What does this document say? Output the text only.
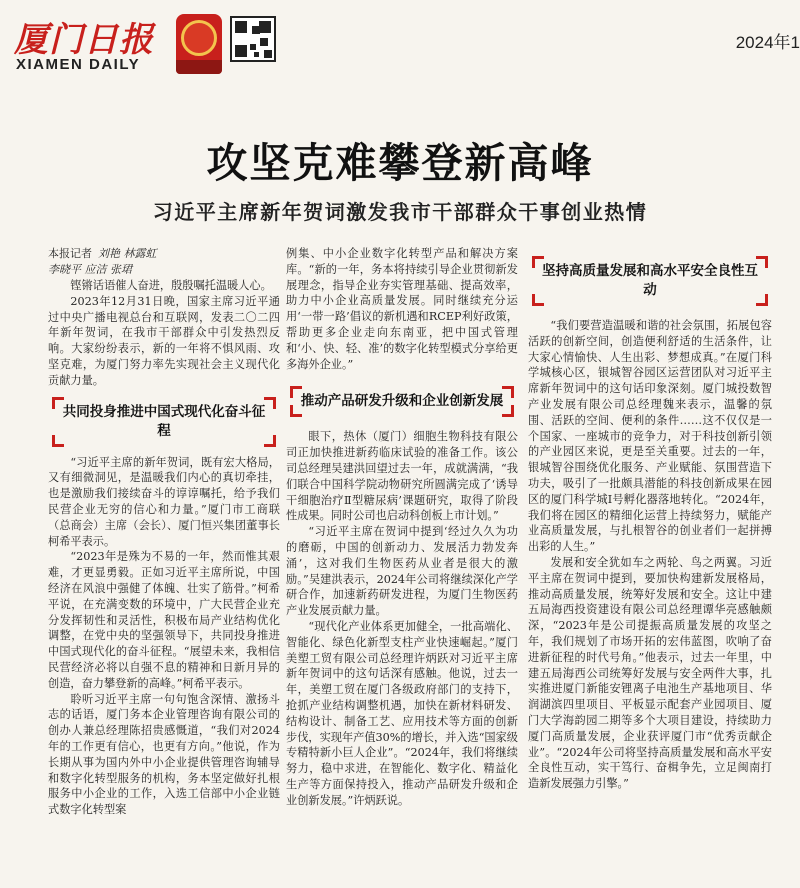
厦门日报
XIAMEN DAILY
2024年1
攻坚克难攀登新高峰
习近平主席新年贺词激发我市干部群众干事创业热情

本报记者 刘艳 林露虹

李晓平 应洁 张珺

铿锵话语催人奋进，殷殷嘱托温暖人心。

2023年12月31日晚，国家主席习近平通过中央广播电视总台和互联网，发表二〇二四年新年贺词，在我市干部群众中引发热烈反响。大家纷纷表示，新的一年将不惧风雨、攻坚克难，为厦门努力率先实现社会主义现代化贡献力量。

共同投身推进中国式现代化奋斗征程

“习近平主席的新年贺词，既有宏大格局，又有细微洞见，是温暖我们内心的真切牵挂，也是激励我们接续奋斗的谆谆嘱托，给予我们民营企业无穷的信心和力量。”厦门市工商联（总商会）主席（会长）、厦门恒兴集团董事长柯希平表示。

“2023年是殊为不易的一年，然而惟其艰难，才更显勇毅。正如习近平主席所说，中国经济在风浪中强健了体魄、壮实了筋骨。”柯希平说，在充满变数的环境中，广大民营企业充分发挥韧性和灵活性，积极布局产业结构优化调整，在党中央的坚强领导下，共同投身推进中国式现代化的奋斗征程。“展望未来，我相信民营经济必将以自强不息的精神和日新月异的创造，奋力攀登新的高峰。”柯希平表示。

聆听习近平主席一句句饱含深情、激扬斗志的话语，厦门务本企业管理咨询有限公司的创办人兼总经理陈招贵感慨道，“我们对2024年的工作更有信心，也更有方向。”他说，作为长期从事为国内外中小企业提供管理咨询辅导和数字化转型服务的机构，务本坚定做好扎根服务中小企业的工作，入选工信部中小企业链式数字化转型案

例集、中小企业数字化转型产品和解决方案库。“新的一年，务本将持续引导企业贯彻新发展理念，指导企业夯实管理基础、提高效率，助力中小企业高质量发展。同时继续充分运用‘一带一路’倡议的新机遇和RCEP利好政策，帮助更多企业走向东南亚，把中国式管理和‘小、快、轻、准’的数字化转型模式分享给更多海外企业。”

推动产品研发升级和企业创新发展

眼下，热休（厦门）细胞生物科技有限公司正加快推进新药临床试验的准备工作。该公司总经理吴建洪回望过去一年，成就满满，“我们联合中国科学院动物研究所圆满完成了‘诱导干细胞治疗Ⅱ型糖尿病’课题研究，取得了阶段性成果。同时公司也启动科创板上市计划。”

“习近平主席在贺词中提到‘经过久久为功的磨砺，中国的创新动力、发展活力勃发奔涌’，这对我们生物医药从业者是很大的激励。”吴建洪表示，2024年公司将继续深化产学研合作，加速新药研发进程，为厦门生物医药产业发展贡献力量。

“现代化产业体系更加健全，一批高端化、智能化、绿色化新型支柱产业快速崛起。”厦门美塑工贸有限公司总经理许炳跃对习近平主席新年贺词中的这句话深有感触。他说，过去一年，美塑工贸在厦门各级政府部门的支持下，抢抓产业结构调整机遇，加快在新材料研发、结构设计、制备工艺、应用技术等方面的创新步伐，实现年产值30%的增长，并入选“国家级专精特新小巨人企业”。“2024年，我们将继续努力，稳中求进，在智能化、数字化、精益化生产等方面保持投入，推动产品研发升级和企业创新发展。”许炳跃说。

坚持高质量发展和高水平安全良性互动

“我们要营造温暖和谐的社会氛围，拓展包容活跃的创新空间，创造便利舒适的生活条件，让大家心情愉快、人生出彩、梦想成真。”在厦门科学城核心区，银城智谷园区运营团队对习近平主席新年贺词中的这句话印象深刻。厦门城投数智产业发展有限公司总经理魏来表示，温馨的氛围、活跃的空间、便利的条件……这不仅仅是一个国家、一座城市的竞争力，对于科技创新引领的产业园区来说，更是至关重要。过去的一年，银城智谷围绕优化服务、产业赋能、氛围营造下功夫，吸引了一批颇具潜能的科技创新成果在园区的厦门科学城Ⅰ号孵化器落地转化。“2024年，我们将在园区的精细化运营上持续努力，赋能产业高质量发展，与扎根智谷的创业者们一起拼搏出彩的人生。”

发展和安全犹如车之两轮、鸟之两翼。习近平主席在贺词中提到，要加快构建新发展格局，推动高质量发展，统筹好发展和安全。这让中建五局海西投资建设有限公司总经理谭华亮感触颇深，“2023年是公司提振高质量发展的攻坚之年，我们规划了市场开拓的宏伟蓝图，吹响了奋进新征程的时代号角。”他表示，过去一年里，中建五局海西公司统筹好发展与安全两件大事，扎实推进厦门新能安锂离子电池生产基地项目、华润湖滨四里项目、平板显示配套产业园项目、厦门大学海韵园二期等多个大项目建设，持续助力厦门高质量发展，企业获评厦门市“优秀贡献企业”。“2024年公司将坚持高质量发展和高水平安全良性互动，实干笃行、奋楫争先，立足闽南打造新发展强力引擎。”
